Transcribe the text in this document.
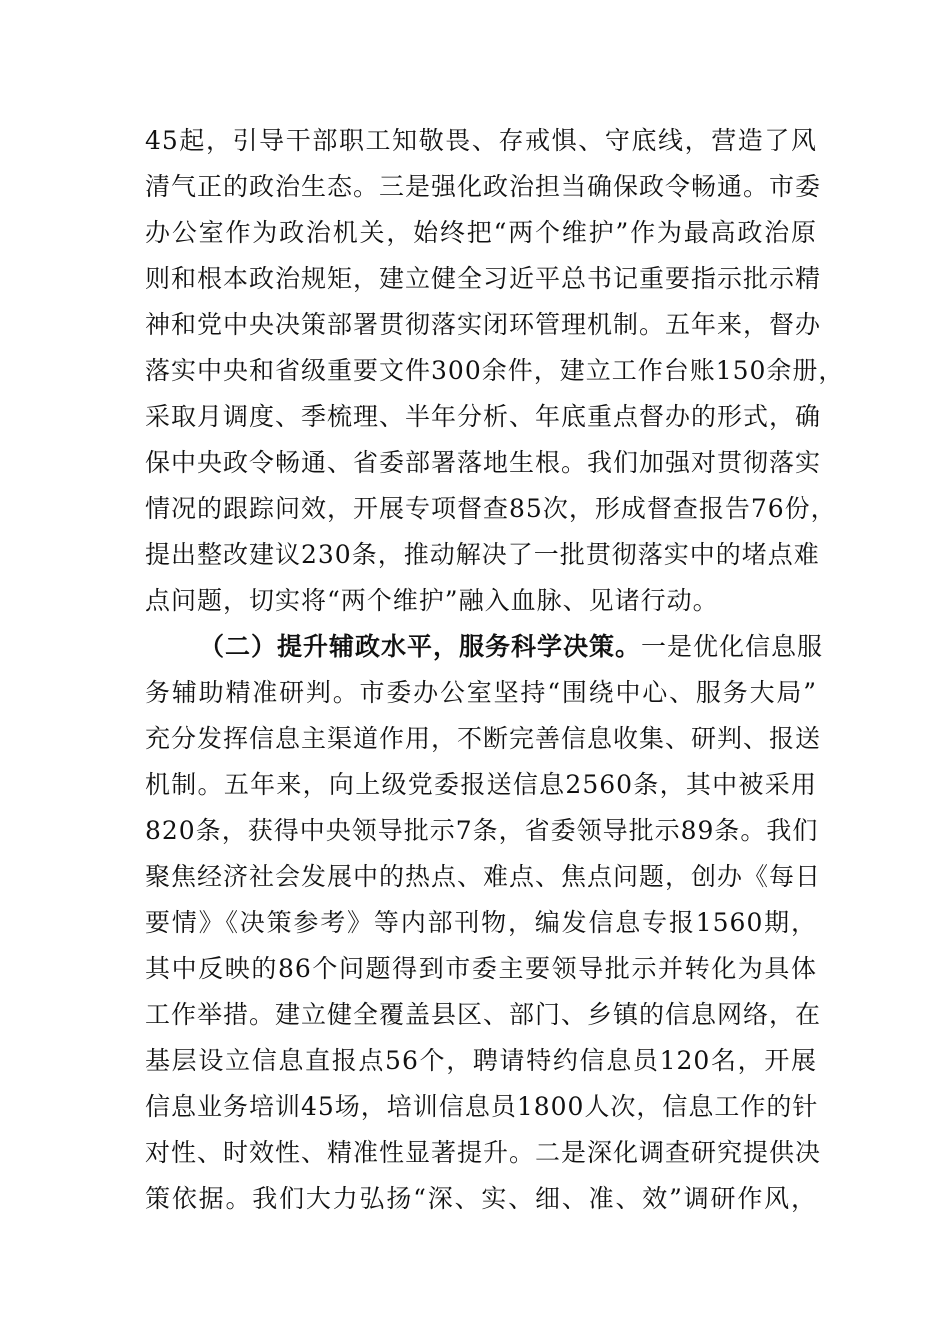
45起，引导干部职工知敬畏、存戒惧、守底线，营造了风
清气正的政治生态。三是强化政治担当确保政令畅通。市委
办公室作为政治机关，始终把“两个维护”作为最高政治原
则和根本政治规矩，建立健全习近平总书记重要指示批示精
神和党中央决策部署贯彻落实闭环管理机制。五年来，督办
落实中央和省级重要文件300余件，建立工作台账150余册，
采取月调度、季梳理、半年分析、年底重点督办的形式，确
保中央政令畅通、省委部署落地生根。我们加强对贯彻落实
情况的跟踪问效，开展专项督查85次，形成督查报告76份，
提出整改建议230条，推动解决了一批贯彻落实中的堵点难
点问题，切实将“两个维护”融入血脉、见诸行动。
（二）提升辅政水平，服务科学决策。一是优化信息服
务辅助精准研判。市委办公室坚持“围绕中心、服务大局”
充分发挥信息主渠道作用，不断完善信息收集、研判、报送
机制。五年来，向上级党委报送信息2560条，其中被采用
820条，获得中央领导批示7条，省委领导批示89条。我们
聚焦经济社会发展中的热点、难点、焦点问题，创办《每日
要情》《决策参考》等内部刊物，编发信息专报1560期，
其中反映的86个问题得到市委主要领导批示并转化为具体
工作举措。建立健全覆盖县区、部门、乡镇的信息网络，在
基层设立信息直报点56个，聘请特约信息员120名，开展
信息业务培训45场，培训信息员1800人次，信息工作的针
对性、时效性、精准性显著提升。二是深化调查研究提供决
策依据。我们大力弘扬“深、实、细、准、效”调研作风，
